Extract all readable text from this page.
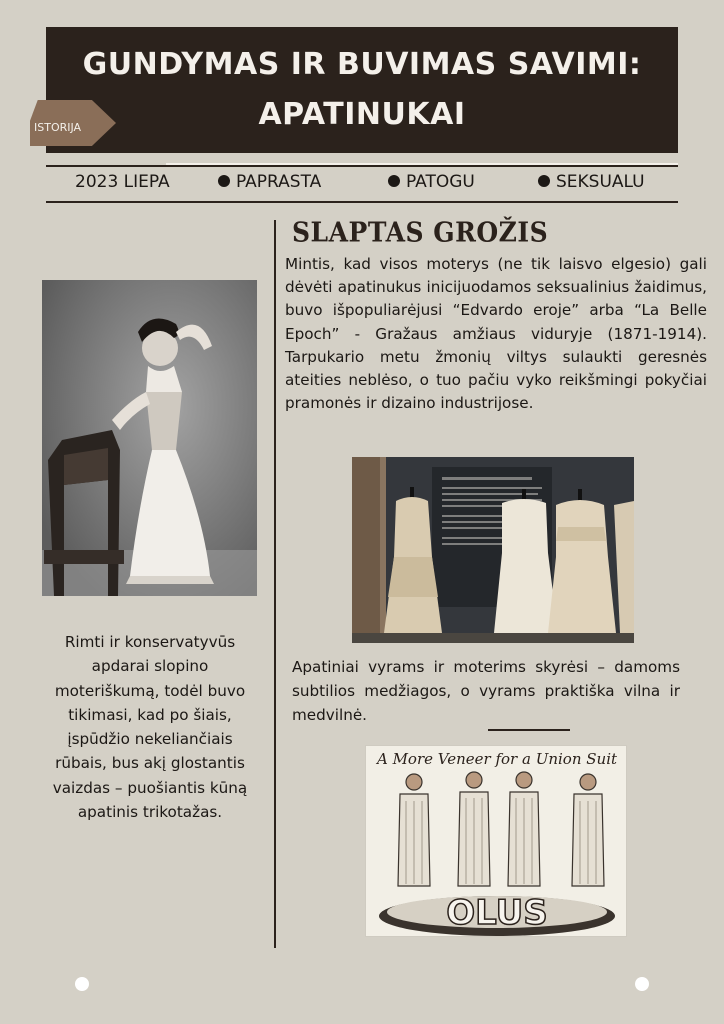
GUNDYMAS IR BUVIMAS SAVIMI:
APATINUKAI
ISTORIJA
2023 LIEPA	PAPRASTA	PATOGU	SEKSUALU
SLAPTAS GROŽIS

Mintis, kad visos moterys (ne tik laisvo elgesio) gali dėvėti apatinukus inicijuodamos seksualinius žaidimus, buvo išpopuliarėjusi “Edvardo eroje” arba “La Belle Epoch” - Gražaus amžiaus viduryje (1871-1914). Tarpukario metu žmonių viltys sulaukti geresnės ateities neblėso, o tuo pačiu vyko reikšmingi pokyčiai pramonės ir dizaino industrijose.

Rimti ir konservatyvūs apdarai slopino moteriškumą, todėl buvo tikimasi, kad po šiais, įspūdžio nekeliančiais rūbais, bus akį glostantis vaizdas – puošiantis kūną apatinis trikotažas.

Apatiniai vyrams ir moterims skyrėsi – damoms subtilios medžiagos, o vyrams praktiška vilna ir medvilnė.

A More Veneer for a Union Suit
OLUS
